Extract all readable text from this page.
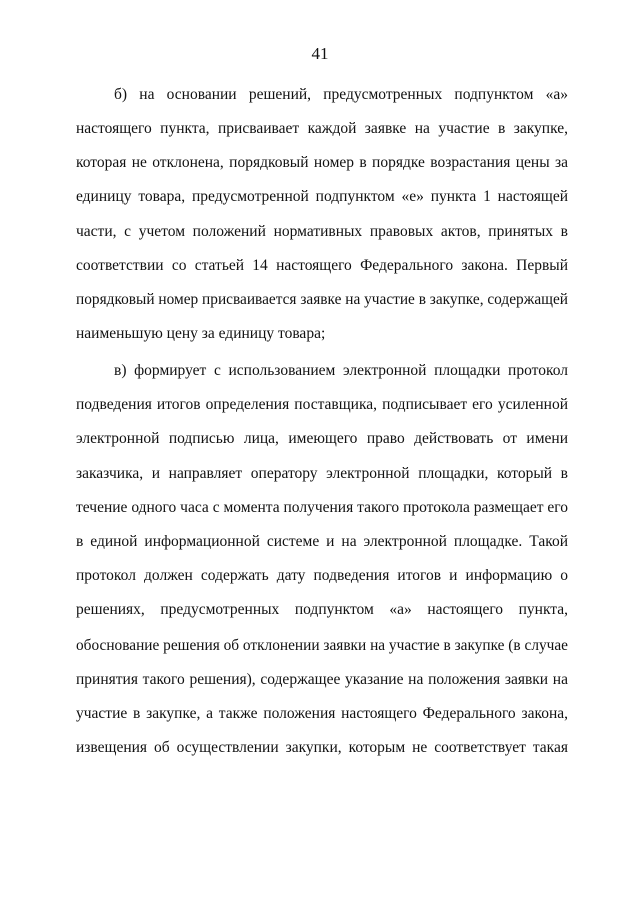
41
б) на основании решений, предусмотренных подпунктом «а»
настоящего пункта, присваивает каждой заявке на участие в закупке,
которая не отклонена, порядковый номер в порядке возрастания цены за
единицу товара, предусмотренной подпунктом «е» пункта 1 настоящей
части, с учетом положений нормативных правовых актов, принятых в
соответствии со статьей 14 настоящего Федерального закона. Первый
порядковый номер присваивается заявке на участие в закупке, содержащей
наименьшую цену за единицу товара;
в) формирует с использованием электронной площадки протокол
подведения итогов определения поставщика, подписывает его усиленной
электронной подписью лица, имеющего право действовать от имени
заказчика, и направляет оператору электронной площадки, который в
течение одного часа с момента получения такого протокола размещает его
в единой информационной системе и на электронной площадке. Такой
протокол должен содержать дату подведения итогов и информацию о
решениях, предусмотренных подпунктом «а» настоящего пункта,
обоснование решения об отклонении заявки на участие в закупке (в случае
принятия такого решения), содержащее указание на положения заявки на
участие в закупке, а также положения настоящего Федерального закона,
извещения об осуществлении закупки, которым не соответствует такая
